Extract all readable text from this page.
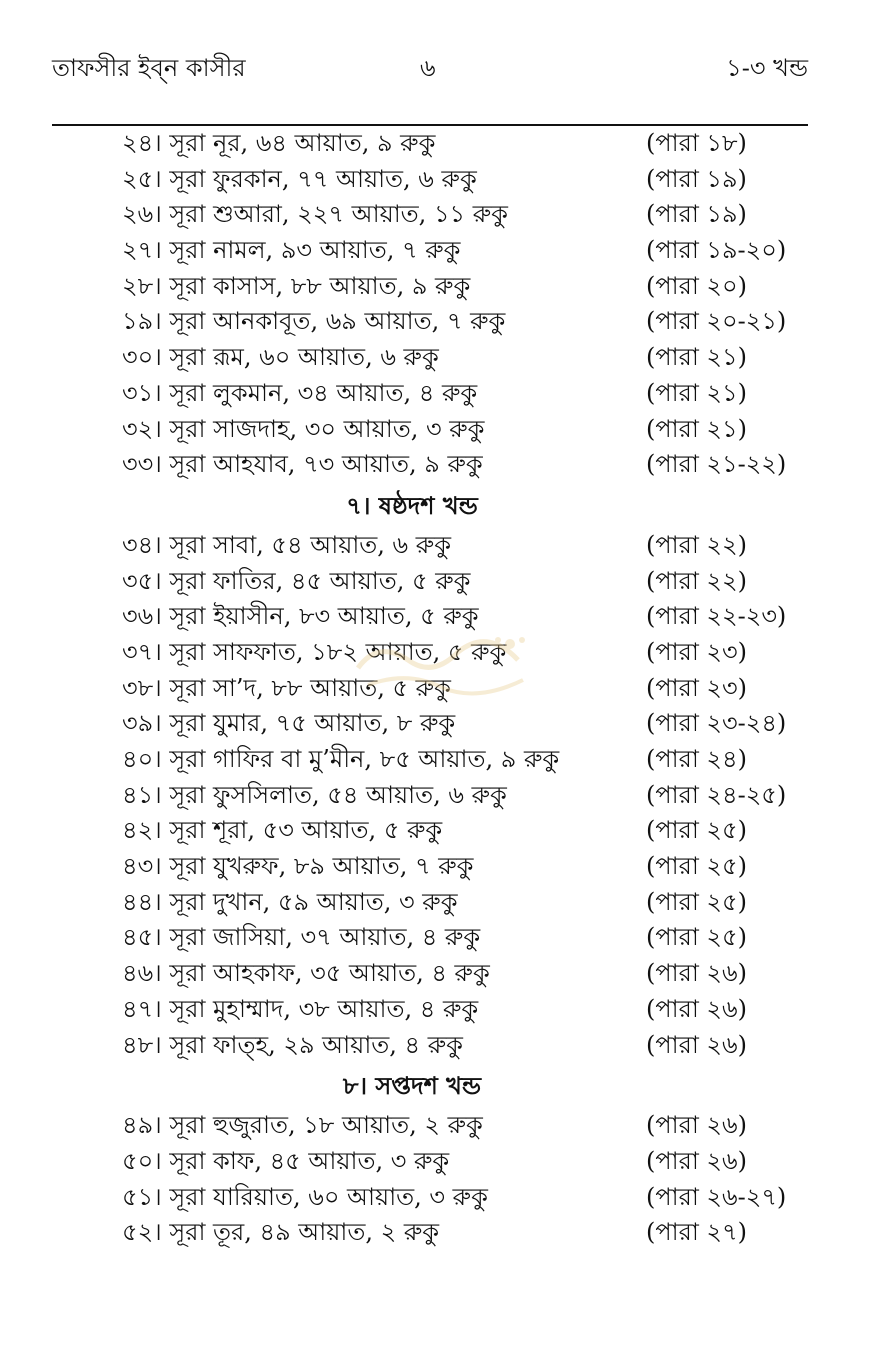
তাফসীর ইব্‌ন কাসীর	৬	১-৩ খন্ড
২৪। সূরা নূর, ৬৪ আয়াত, ৯ রুকু	(পারা ১৮)
২৫। সূরা ফুরকান, ৭৭ আয়াত, ৬ রুকু	(পারা ১৯)
২৬। সূরা শুআরা, ২২৭ আয়াত, ১১ রুকু	(পারা ১৯)
২৭। সূরা নামল, ৯৩ আয়াত, ৭ রুকু	(পারা ১৯-২০)
২৮। সূরা কাসাস, ৮৮ আয়াত, ৯ রুকু	(পারা ২০)
১৯। সূরা আনকাবূত, ৬৯ আয়াত, ৭ রুকু	(পারা ২০-২১)
৩০। সূরা রূম, ৬০ আয়াত, ৬ রুকু	(পারা ২১)
৩১। সূরা লুকমান, ৩৪ আয়াত, ৪ রুকু	(পারা ২১)
৩২। সূরা সাজদাহ, ৩০ আয়াত, ৩ রুকু	(পারা ২১)
৩৩। সূরা আহযাব, ৭৩ আয়াত, ৯ রুকু	(পারা ২১-২২)
৭। ষষ্ঠদশ খন্ড
৩৪। সূরা সাবা, ৫৪ আয়াত, ৬ রুকু	(পারা ২২)
৩৫। সূরা ফাতির, ৪৫ আয়াত, ৫ রুকু	(পারা ২২)
৩৬। সূরা ইয়াসীন, ৮৩ আয়াত, ৫ রুকু	(পারা ২২-২৩)
৩৭। সূরা সাফফাত, ১৮২ আয়াত, ৫ রুকু	(পারা ২৩)
৩৮। সূরা সা’দ, ৮৮ আয়াত, ৫ রুকু	(পারা ২৩)
৩৯। সূরা যুমার, ৭৫ আয়াত, ৮ রুকু	(পারা ২৩-২৪)
৪০। সূরা গাফির বা মু’মীন, ৮৫ আয়াত, ৯ রুকু	(পারা ২৪)
৪১। সূরা ফুসসিলাত, ৫৪ আয়াত, ৬ রুকু	(পারা ২৪-২৫)
৪২। সূরা শূরা, ৫৩ আয়াত, ৫ রুকু	(পারা ২৫)
৪৩। সূরা যুখরুফ, ৮৯ আয়াত, ৭ রুকু	(পারা ২৫)
৪৪। সূরা দুখান, ৫৯ আয়াত, ৩ রুকু	(পারা ২৫)
৪৫। সূরা জাসিয়া, ৩৭ আয়াত, ৪ রুকু	(পারা ২৫)
৪৬। সূরা আহকাফ, ৩৫ আয়াত, ৪ রুকু	(পারা ২৬)
৪৭। সূরা মুহাম্মাদ, ৩৮ আয়াত, ৪ রুকু	(পারা ২৬)
৪৮। সূরা ফাত্‌হ, ২৯ আয়াত, ৪ রুকু	(পারা ২৬)
৮। সপ্তদশ খন্ড
৪৯। সূরা হুজুরাত, ১৮ আয়াত, ২ রুকু	(পারা ২৬)
৫০। সূরা কাফ, ৪৫ আয়াত, ৩ রুকু	(পারা ২৬)
৫১। সূরা যারিয়াত, ৬০ আয়াত, ৩ রুকু	(পারা ২৬-২৭)
৫২। সূরা তূর, ৪৯ আয়াত, ২ রুকু	(পারা ২৭)
